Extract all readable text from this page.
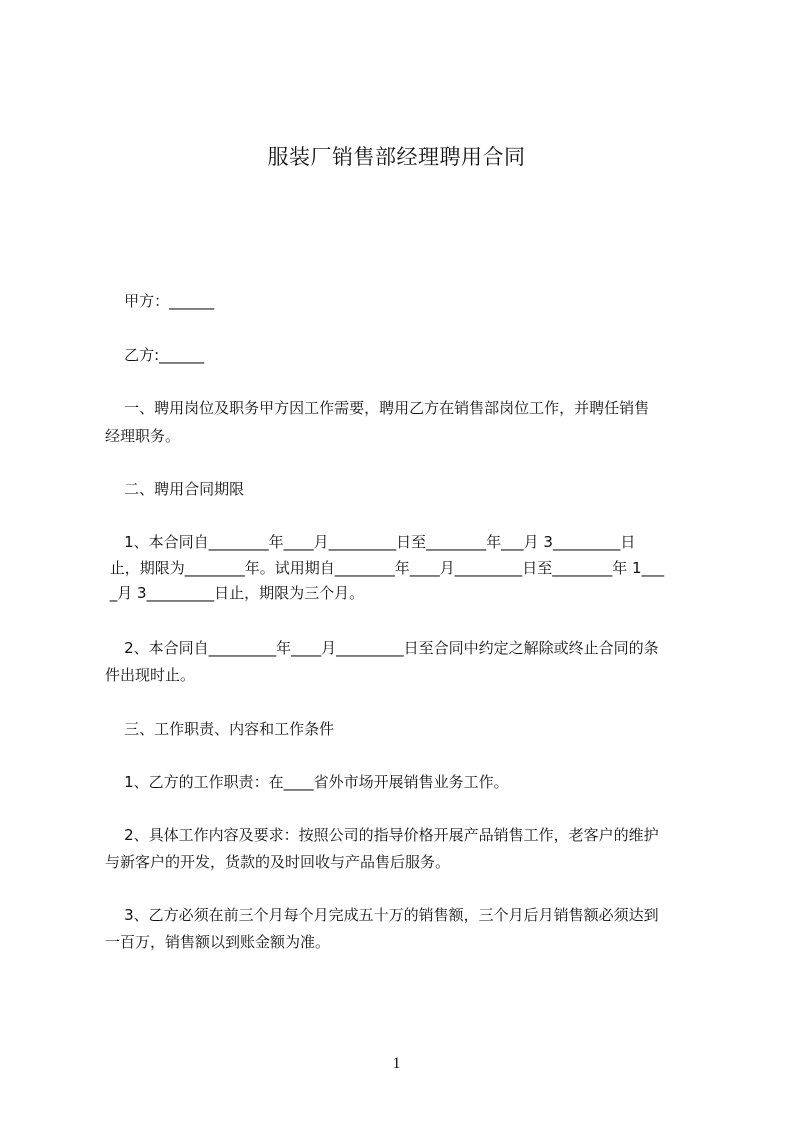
服装厂销售部经理聘用合同

甲方：______

乙方:______

一、聘用岗位及职务甲方因工作需要，聘用乙方在销售部岗位工作，并聘任销售

经理职务。

二、聘用合同期限

1、本合同自________年____月_________日至________年___月 3_________日

止，期限为________年。试用期自________年____月_________日至________年 1___

_月 3_________日止，期限为三个月。

2、本合同自_________年____月_________日至合同中约定之解除或终止合同的条

件出现时止。

三、工作职责、内容和工作条件

1、乙方的工作职责：在____省外市场开展销售业务工作。

2、具体工作内容及要求：按照公司的指导价格开展产品销售工作，老客户的维护

与新客户的开发，货款的及时回收与产品售后服务。

3、乙方必须在前三个月每个月完成五十万的销售额，三个月后月销售额必须达到

一百万，销售额以到账金额为准。

1
